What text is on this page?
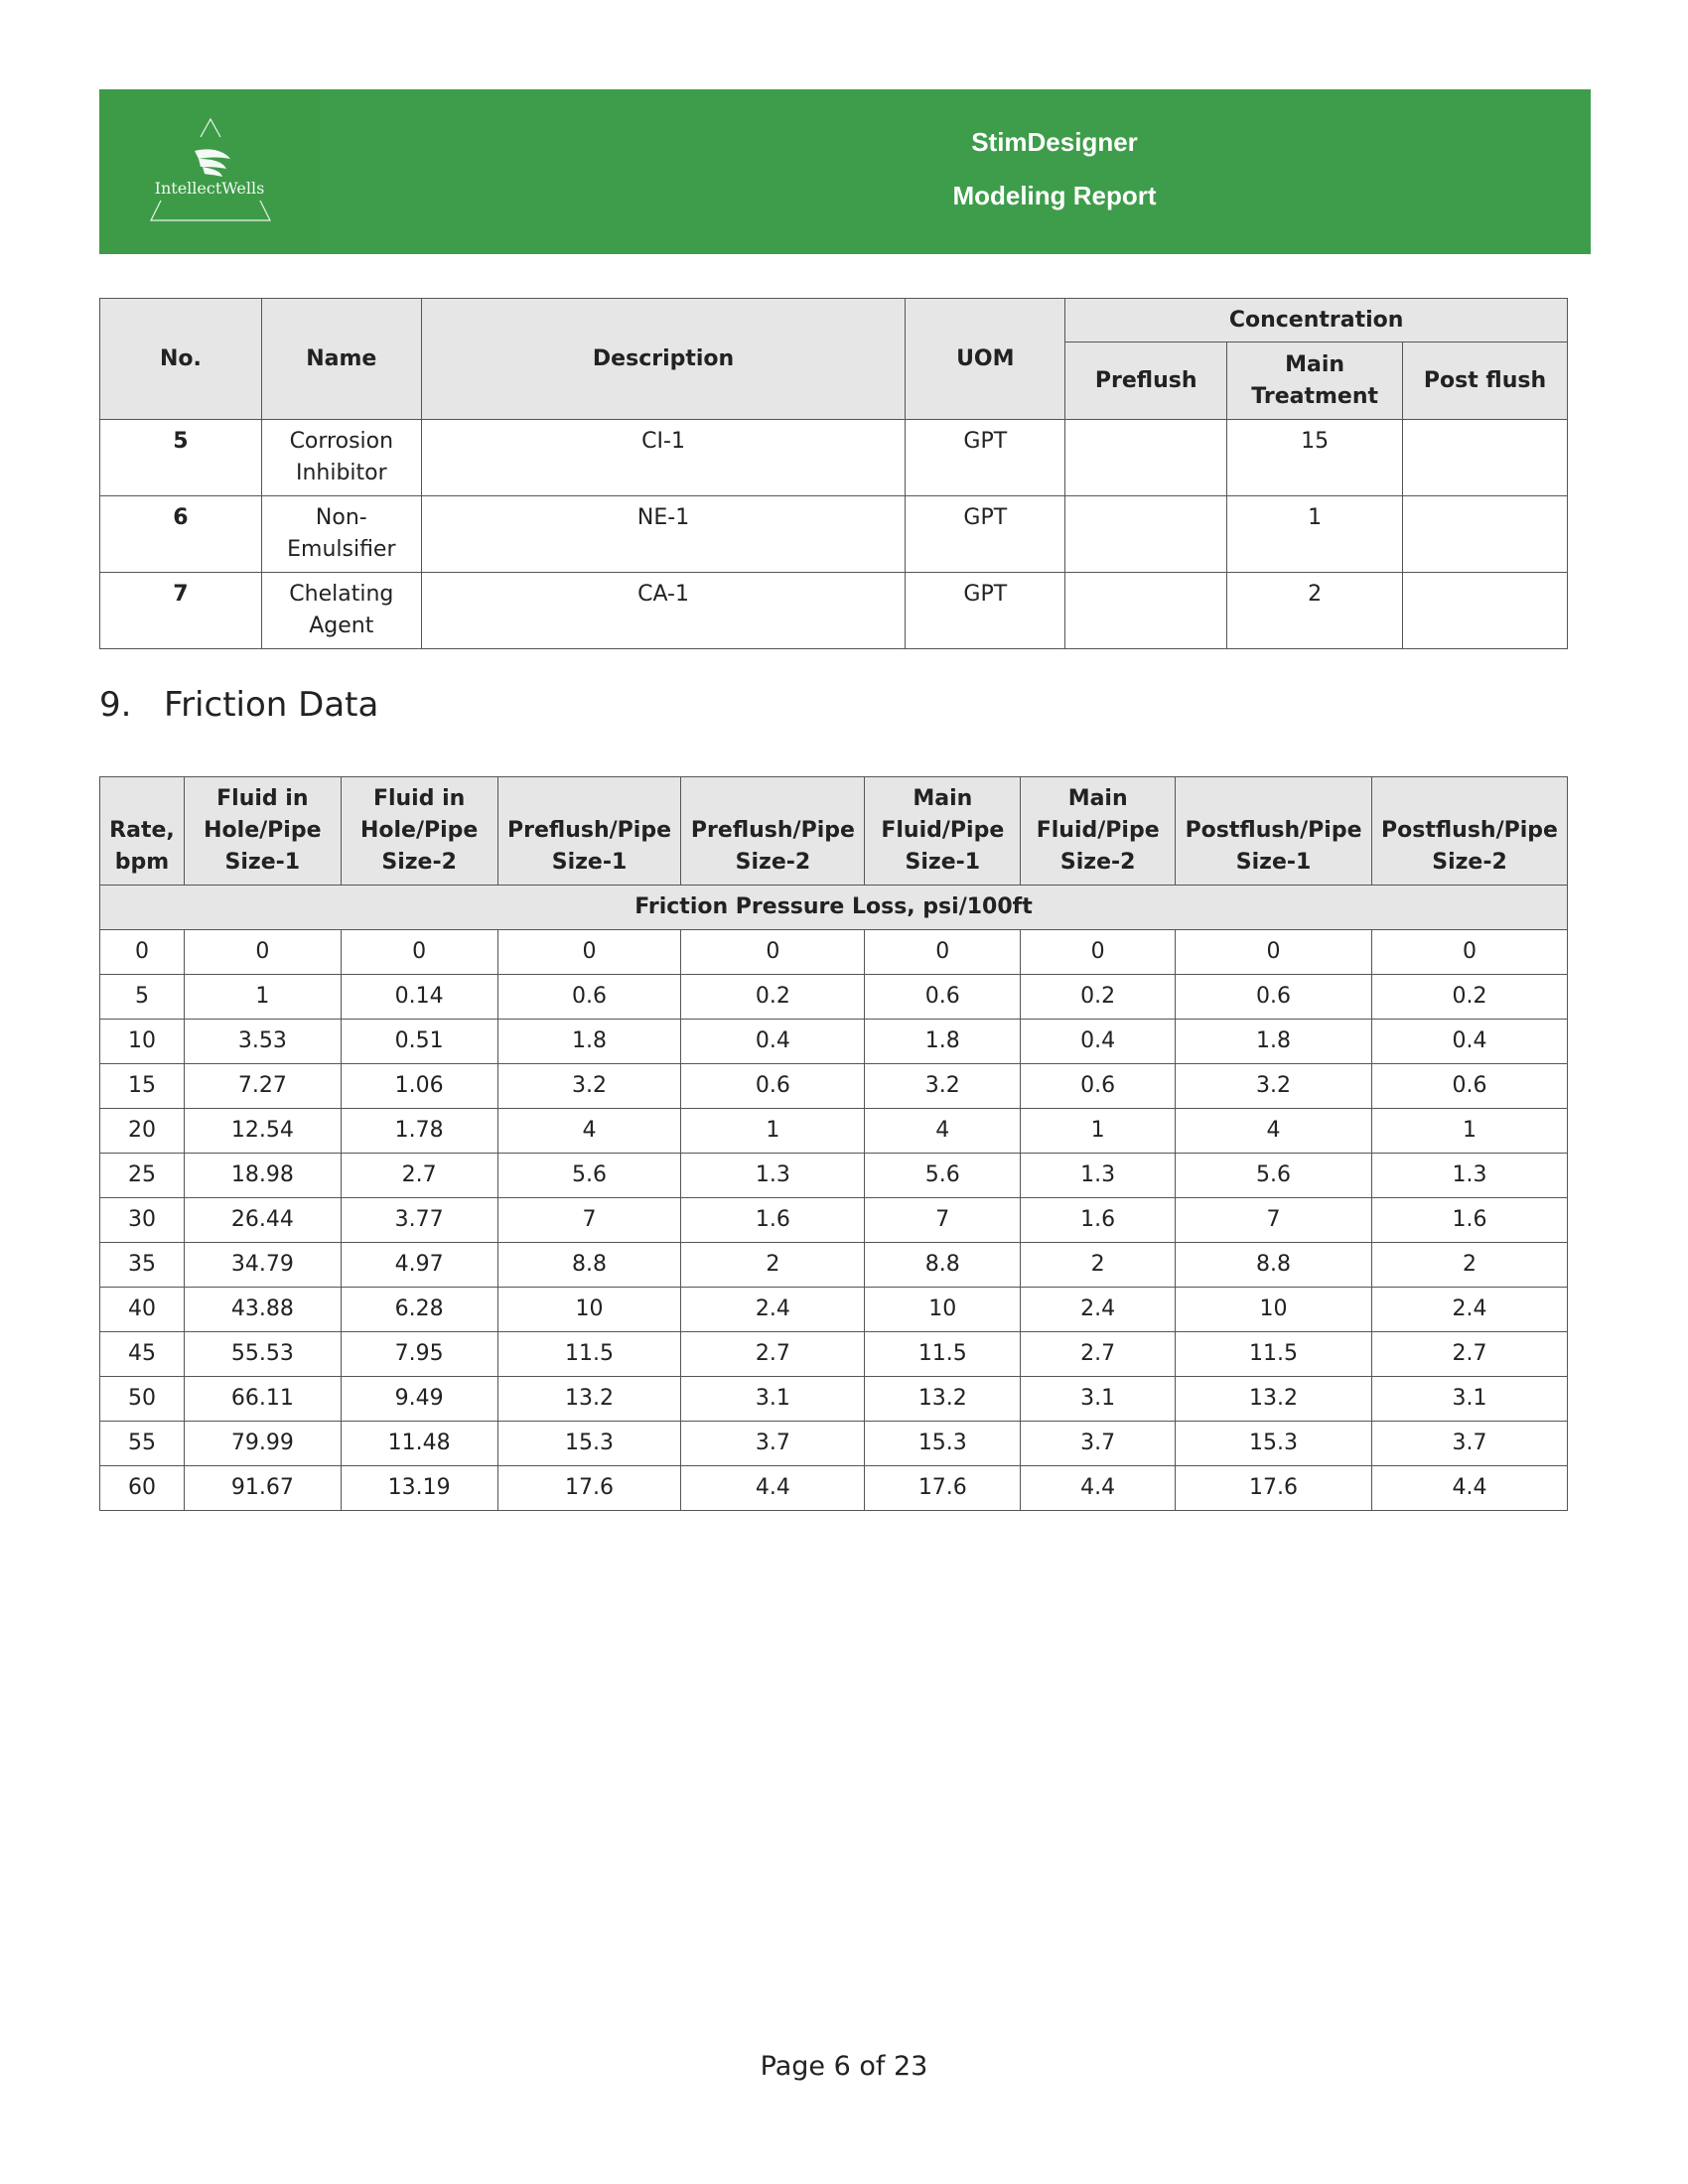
IntellectWells
StimDesigner
Modeling Report
No.	Name	Description	UOM	Concentration		
				Preflush	Main Treatment	Post flush
5	Corrosion Inhibitor	CI-1	GPT		15	
6	Non-Emulsifier	NE-1	GPT		1	
7	Chelating Agent	CA-1	GPT		2	
9. Friction Data
Rate, bpm	Fluid in Hole/Pipe Size-1	Fluid in Hole/Pipe Size-2	Preflush/Pipe Size-1	Preflush/Pipe Size-2	Main Fluid/Pipe Size-1	Main Fluid/Pipe Size-2	Postflush/Pipe Size-1	Postflush/Pipe Size-2
Friction Pressure Loss, psi/100ft								
0	0	0	0	0	0	0	0	0
5	1	0.14	0.6	0.2	0.6	0.2	0.6	0.2
10	3.53	0.51	1.8	0.4	1.8	0.4	1.8	0.4
15	7.27	1.06	3.2	0.6	3.2	0.6	3.2	0.6
20	12.54	1.78	4	1	4	1	4	1
25	18.98	2.7	5.6	1.3	5.6	1.3	5.6	1.3
30	26.44	3.77	7	1.6	7	1.6	7	1.6
35	34.79	4.97	8.8	2	8.8	2	8.8	2
40	43.88	6.28	10	2.4	10	2.4	10	2.4
45	55.53	7.95	11.5	2.7	11.5	2.7	11.5	2.7
50	66.11	9.49	13.2	3.1	13.2	3.1	13.2	3.1
55	79.99	11.48	15.3	3.7	15.3	3.7	15.3	3.7
60	91.67	13.19	17.6	4.4	17.6	4.4	17.6	4.4
Page 6 of 23
